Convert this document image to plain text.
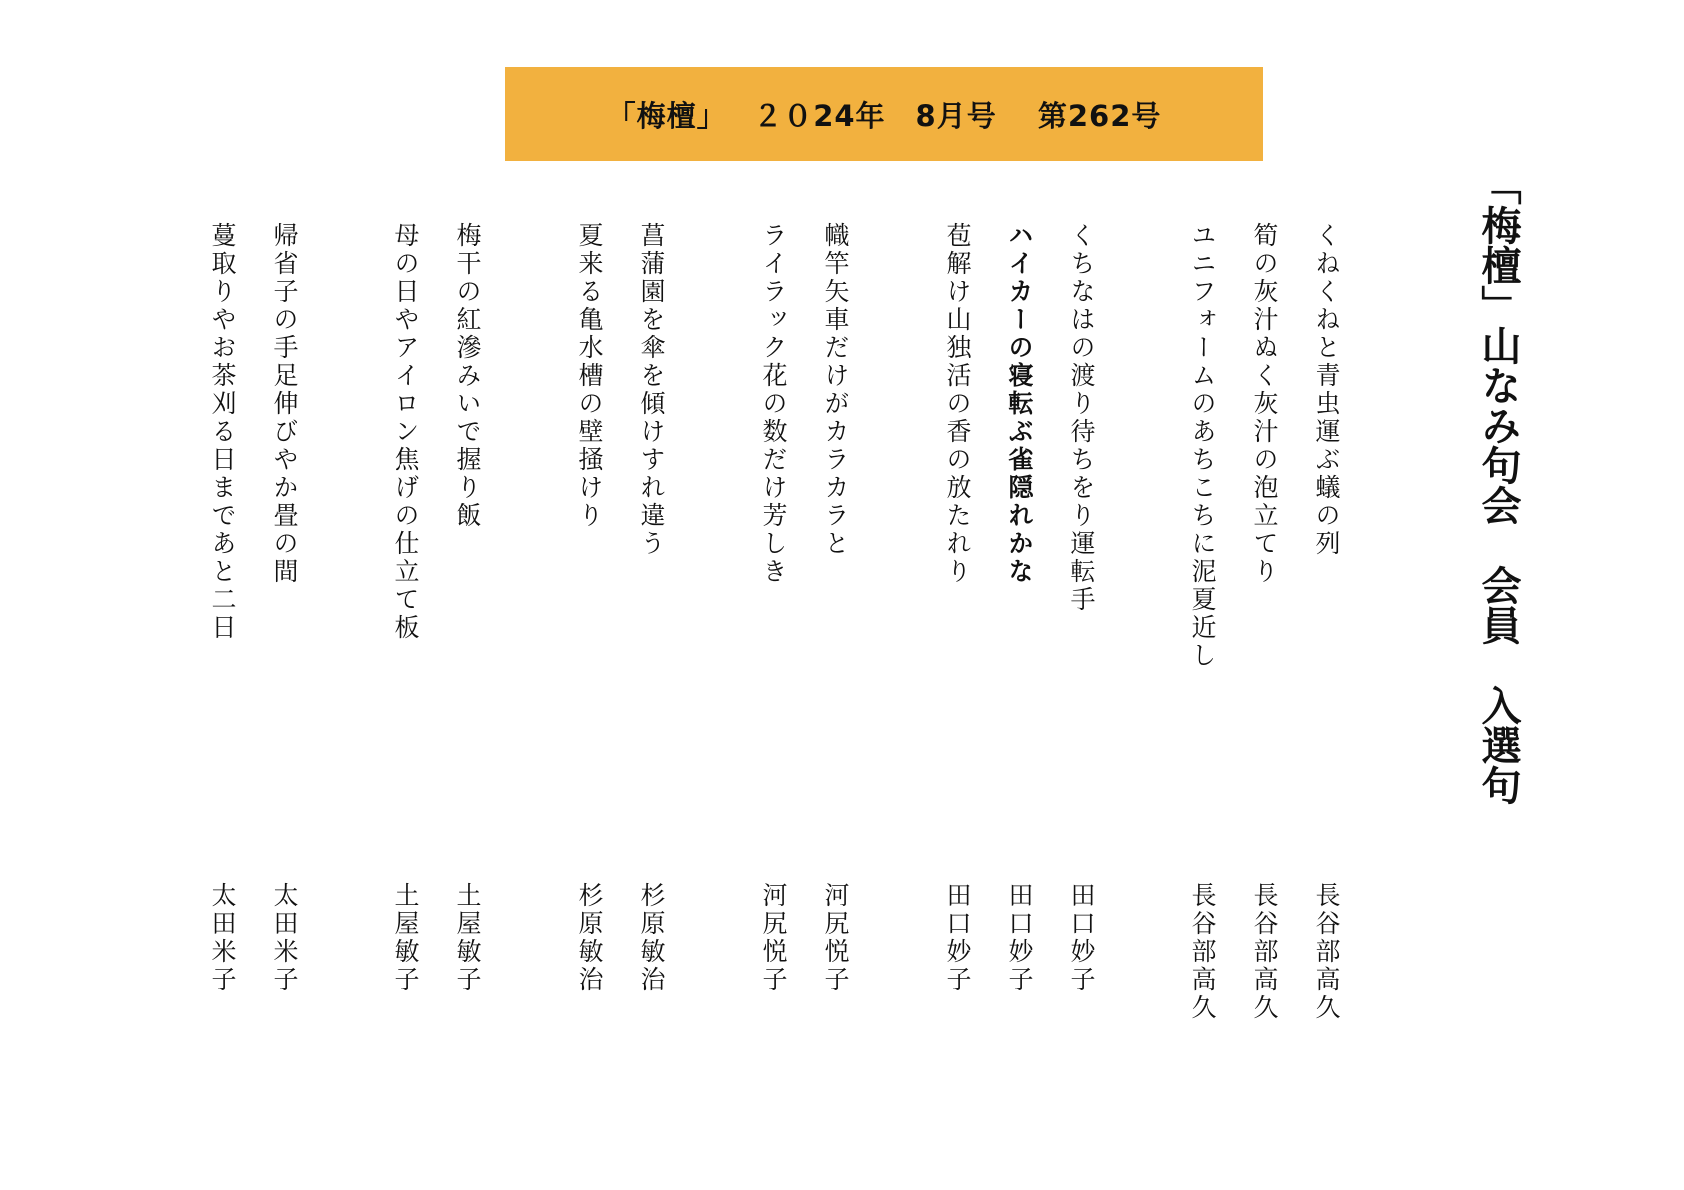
「梅檀」　 ２０24年　8月号　 第262号
「梅檀」山なみ句会　会員　入選句
くねくねと青虫運ぶ蟻の列
長谷部高久
筍の灰汁ぬく灰汁の泡立てり
長谷部高久
ユニフォームのあちこちに泥夏近し
長谷部高久
くちなはの渡り待ちをり運転手
田口妙子
ハイカーの寝転ぶ雀隠れかな
田口妙子
苞解け山独活の香の放たれり
田口妙子
幟竿矢車だけがカラカラと
河尻悦子
ライラック花の数だけ芳しき
河尻悦子
菖蒲園を傘を傾けすれ違う
杉原敏治
夏来る亀水槽の壁掻けり
杉原敏治
梅干の紅滲みいで握り飯
土屋敏子
母の日やアイロン焦げの仕立て板
土屋敏子
帰省子の手足伸びやか畳の間
太田米子
蔓取りやお茶刈る日まであと二日
太田米子
